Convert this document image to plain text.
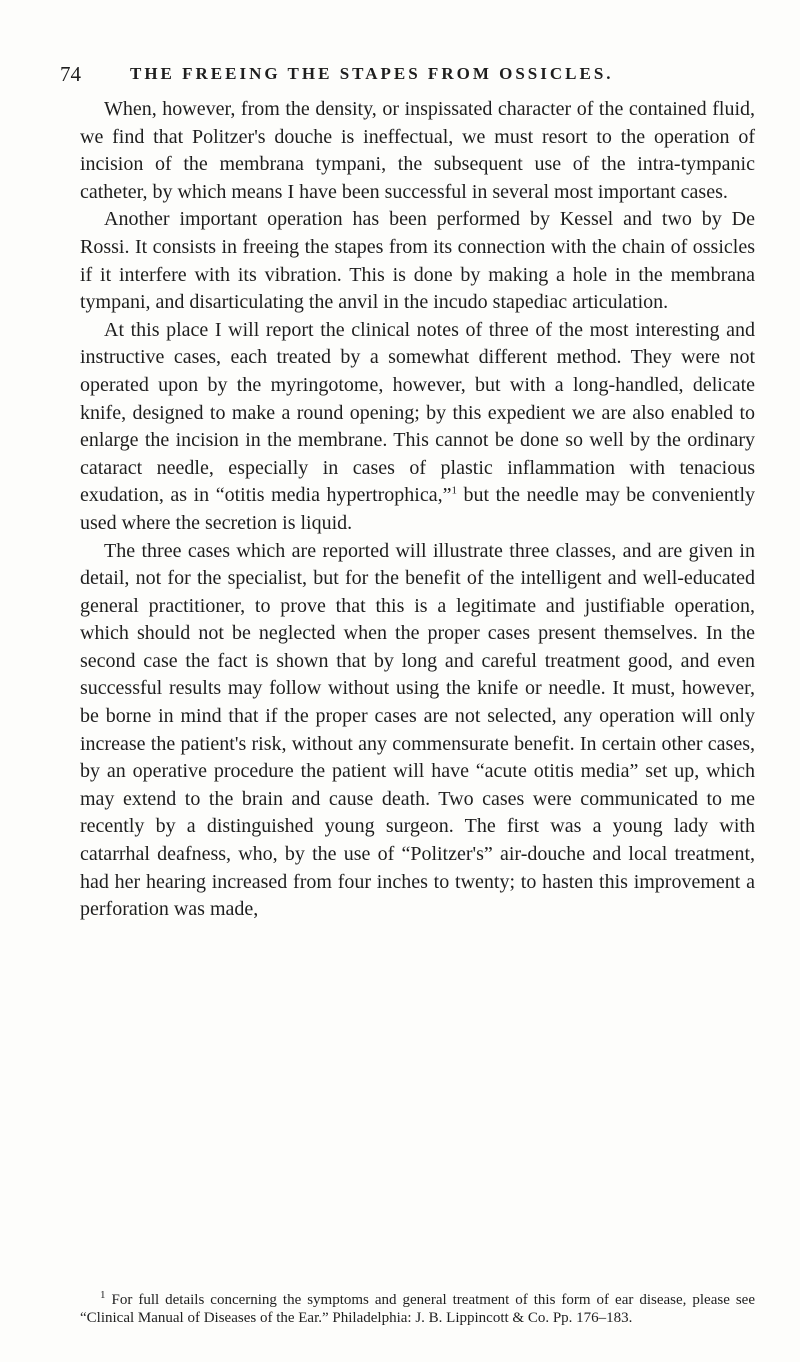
74	THE FREEING THE STAPES FROM OSSICLES.

When, however, from the density, or inspissated character of the contained fluid, we find that Politzer's douche is ineffectual, we must resort to the operation of incision of the membrana tympani, the subsequent use of the intra-tympanic catheter, by which means I have been successful in several most important cases.

Another important operation has been performed by Kessel and two by De Rossi. It consists in freeing the stapes from its connection with the chain of ossicles if it interfere with its vibration. This is done by making a hole in the membrana tympani, and disarticulating the anvil in the incudo stapediac articulation.

At this place I will report the clinical notes of three of the most interesting and instructive cases, each treated by a somewhat different method. They were not operated upon by the myringotome, however, but with a long-handled, delicate knife, designed to make a round opening; by this expedient we are also enabled to enlarge the incision in the membrane. This cannot be done so well by the ordinary cataract needle, especially in cases of plastic inflammation with tenacious exudation, as in “otitis media hypertrophica,”$^1$ but the needle may be conveniently used where the secretion is liquid.

The three cases which are reported will illustrate three classes, and are given in detail, not for the specialist, but for the benefit of the intelligent and well-educated general practitioner, to prove that this is a legitimate and justifiable operation, which should not be neglected when the proper cases present themselves. In the second case the fact is shown that by long and careful treatment good, and even successful results may follow without using the knife or needle. It must, however, be borne in mind that if the proper cases are not selected, any operation will only increase the patient's risk, without any commensurate benefit. In certain other cases, by an operative procedure the patient will have “acute otitis media” set up, which may extend to the brain and cause death. Two cases were communicated to me recently by a distinguished young surgeon. The first was a young lady with catarrhal deafness, who, by the use of “Politzer's” air-douche and local treatment, had her hearing increased from four inches to twenty; to hasten this improvement a perforation was made,

$^1$ For full details concerning the symptoms and general treatment of this form of ear disease, please see “Clinical Manual of Diseases of the Ear.” Philadelphia: J. B. Lippincott & Co. Pp. 176–183.
